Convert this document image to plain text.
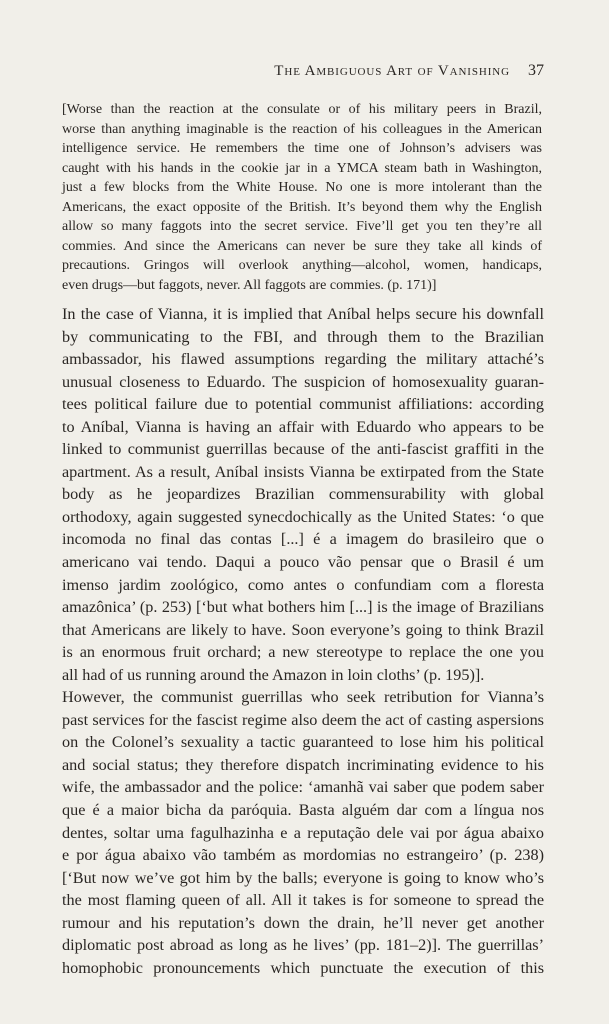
The Ambiguous Art of Vanishing 37
[Worse than the reaction at the consulate or of his military peers in Brazil,
worse than anything imaginable is the reaction of his colleagues in the American
intelligence service. He remembers the time one of Johnson’s advisers was
caught with his hands in the cookie jar in a YMCA steam bath in Washington,
just a few blocks from the White House. No one is more intolerant than the
Americans, the exact opposite of the British. It’s beyond them why the English
allow so many faggots into the secret service. Five’ll get you ten they’re all
commies. And since the Americans can never be sure they take all kinds of
precautions. Gringos will overlook anything—alcohol, women, handicaps,
even drugs—but faggots, never. All faggots are commies. (p. 171)]
In the case of Vianna, it is implied that Aníbal helps secure his downfall
by communicating to the FBI, and through them to the Brazilian
ambassador, his flawed assumptions regarding the military attaché’s
unusual closeness to Eduardo. The suspicion of homosexuality guaran-
tees political failure due to potential communist affiliations: according
to Aníbal, Vianna is having an affair with Eduardo who appears to be
linked to communist guerrillas because of the anti-fascist graffiti in the
apartment. As a result, Aníbal insists Vianna be extirpated from the State
body as he jeopardizes Brazilian commensurability with global
orthodoxy, again suggested synecdochically as the United States: ‘o que
incomoda no final das contas [...] é a imagem do brasileiro que o
americano vai tendo. Daqui a pouco vão pensar que o Brasil é um
imenso jardim zoológico, como antes o confundiam com a floresta
amazônica’ (p. 253) [‘but what bothers him [...] is the image of Brazilians
that Americans are likely to have. Soon everyone’s going to think Brazil
is an enormous fruit orchard; a new stereotype to replace the one you
all had of us running around the Amazon in loin cloths’ (p. 195)].
However, the communist guerrillas who seek retribution for Vianna’s
past services for the fascist regime also deem the act of casting aspersions
on the Colonel’s sexuality a tactic guaranteed to lose him his political
and social status; they therefore dispatch incriminating evidence to his
wife, the ambassador and the police: ‘amanhã vai saber que podem saber
que é a maior bicha da paróquia. Basta alguém dar com a língua nos
dentes, soltar uma fagulhazinha e a reputação dele vai por água abaixo
e por água abaixo vão também as mordomias no estrangeiro’ (p. 238)
[‘But now we’ve got him by the balls; everyone is going to know who’s
the most flaming queen of all. All it takes is for someone to spread the
rumour and his reputation’s down the drain, he’ll never get another
diplomatic post abroad as long as he lives’ (pp. 181–2)]. The guerrillas’
homophobic pronouncements which punctuate the execution of this
